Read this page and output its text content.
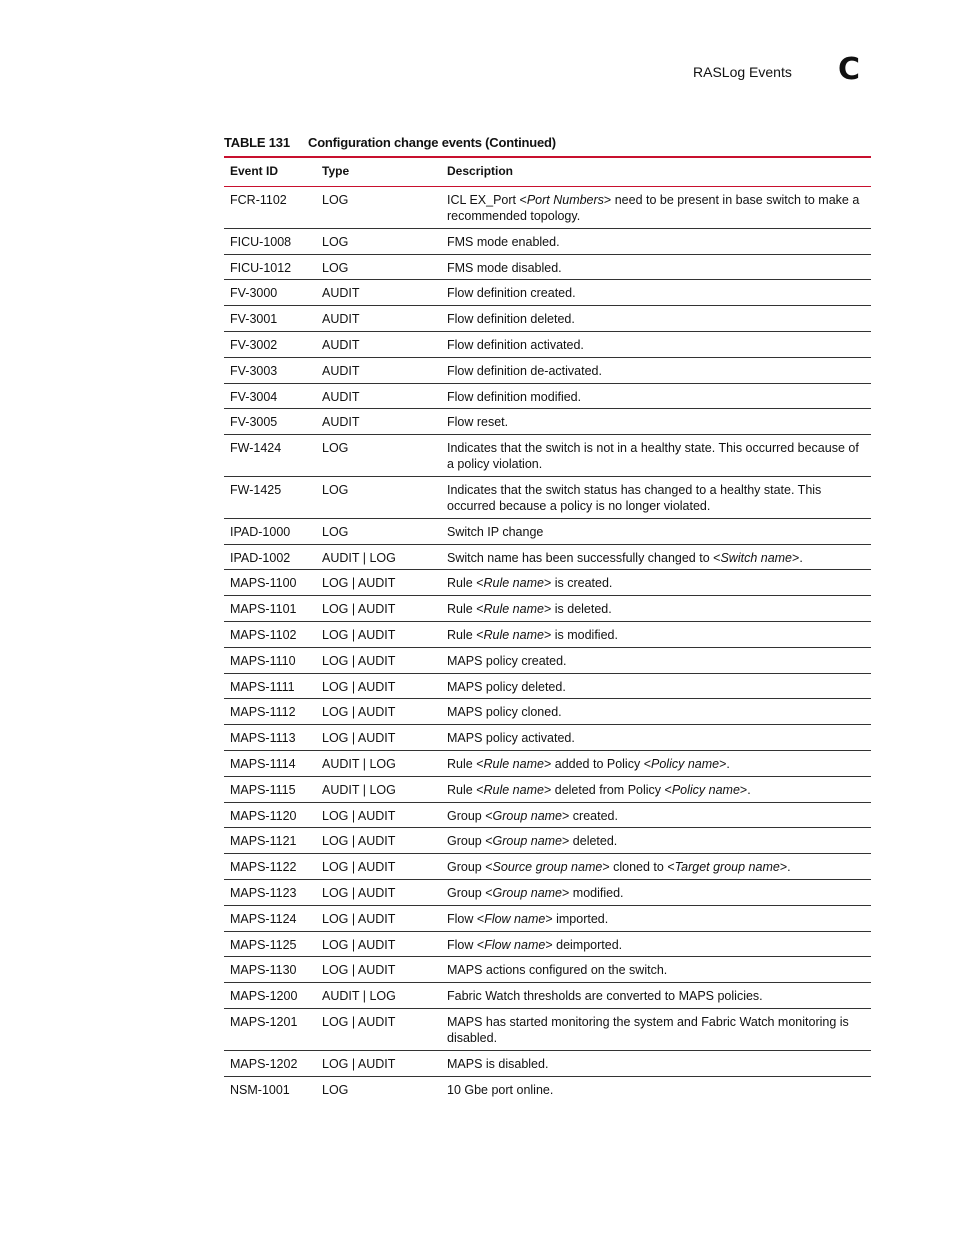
RASLog Events C
TABLE 131 Configuration change events (Continued)
Event ID	Type	Description
FCR-1102	LOG	ICL EX_Port <Port Numbers> need to be present in base switch to make a recommended topology.
FICU-1008 LOG	FMS mode enabled.
FICU-1012 LOG	FMS mode disabled.
FV-3000	AUDIT	Flow definition created.
FV-3001	AUDIT	Flow definition deleted.
FV-3002	AUDIT	Flow definition activated.
FV-3003	AUDIT	Flow definition de-activated.
FV-3004	AUDIT	Flow definition modified.
FV-3005	AUDIT	Flow reset.
FW-1424	LOG	Indicates that the switch is not in a healthy state. This occurred because of a policy violation.
FW-1425	LOG	Indicates that the switch status has changed to a healthy state. This occurred because a policy is no longer violated.
IPAD-1000	LOG	Switch IP change
IPAD-1002	AUDIT | LOG	Switch name has been successfully changed to <Switch name>.
MAPS-1100 LOG | AUDIT	Rule <Rule name> is created.
MAPS-1101 LOG | AUDIT	Rule <Rule name> is deleted.
MAPS-1102 LOG | AUDIT	Rule <Rule name> is modified.
MAPS-1110 LOG | AUDIT	MAPS policy created.
MAPS-1111 LOG | AUDIT	MAPS policy deleted.
MAPS-1112 LOG | AUDIT	MAPS policy cloned.
MAPS-1113 LOG | AUDIT	MAPS policy activated.
MAPS-1114 AUDIT | LOG	Rule <Rule name> added to Policy <Policy name>.
MAPS-1115 AUDIT | LOG	Rule <Rule name> deleted from Policy <Policy name>.
MAPS-1120 LOG | AUDIT	Group <Group name> created.
MAPS-1121 LOG | AUDIT	Group <Group name> deleted.
MAPS-1122 LOG | AUDIT	Group <Source group name> cloned to <Target group name>.
MAPS-1123 LOG | AUDIT	Group <Group name> modified.
MAPS-1124 LOG | AUDIT	Flow <Flow name> imported.
MAPS-1125 LOG | AUDIT	Flow <Flow name> deimported.
MAPS-1130 LOG | AUDIT	MAPS actions configured on the switch.
MAPS-1200 AUDIT | LOG	Fabric Watch thresholds are converted to MAPS policies.
MAPS-1201 LOG | AUDIT	MAPS has started monitoring the system and Fabric Watch monitoring is disabled.
MAPS-1202 LOG | AUDIT	MAPS is disabled.
NSM-1001	LOG	10 Gbe port online.
